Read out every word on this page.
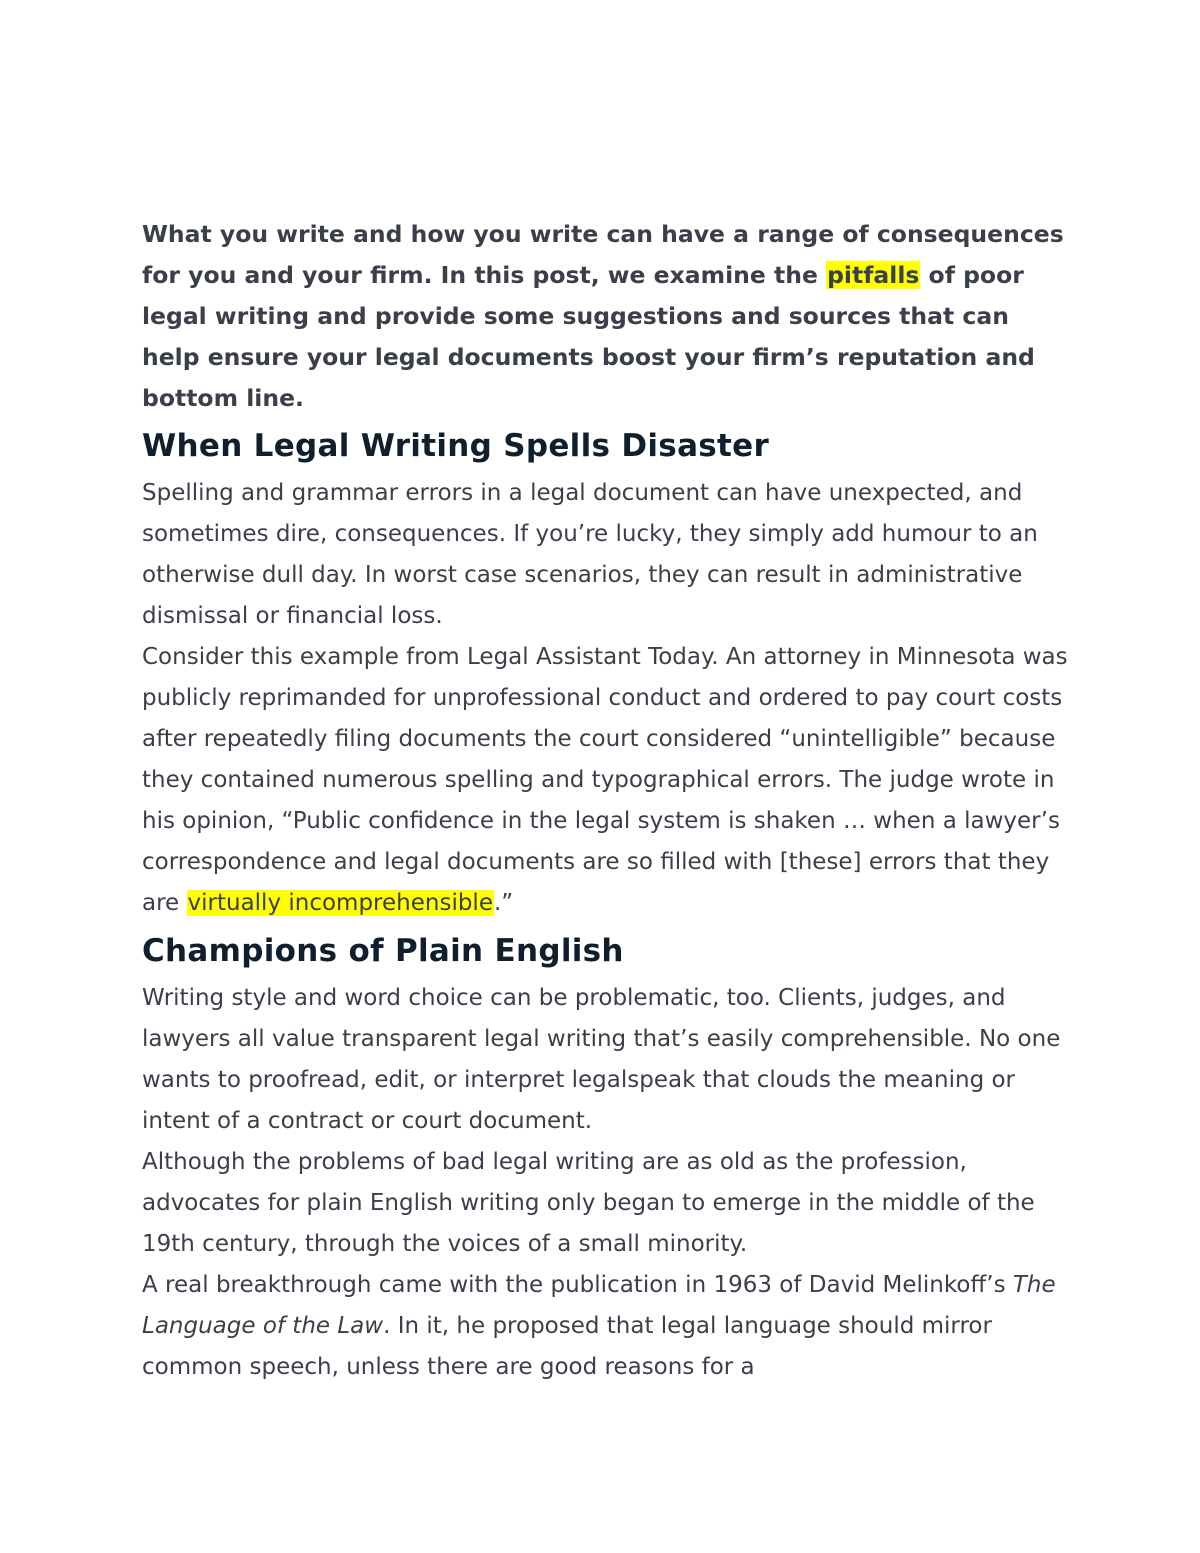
What you write and how you write can have a range of consequences for you and your firm. In this post, we examine the pitfalls of poor legal writing and provide some suggestions and sources that can help ensure your legal documents boost your firm’s reputation and bottom line.

When Legal Writing Spells Disaster

Spelling and grammar errors in a legal document can have unexpected, and sometimes dire, consequences. If you’re lucky, they simply add humour to an otherwise dull day. In worst case scenarios, they can result in administrative dismissal or financial loss.

Consider this example from Legal Assistant Today. An attorney in Minnesota was publicly reprimanded for unprofessional conduct and ordered to pay court costs after repeatedly filing documents the court considered “unintelligible” because they contained numerous spelling and typographical errors. The judge wrote in his opinion, “Public confidence in the legal system is shaken … when a lawyer’s correspondence and legal documents are so filled with [these] errors that they are virtually incomprehensible.”

Champions of Plain English

Writing style and word choice can be problematic, too. Clients, judges, and lawyers all value transparent legal writing that’s easily comprehensible. No one wants to proofread, edit, or interpret legalspeak that clouds the meaning or intent of a contract or court document.

Although the problems of bad legal writing are as old as the profession, advocates for plain English writing only began to emerge in the middle of the 19th century, through the voices of a small minority.

A real breakthrough came with the publication in 1963 of David Melinkoff’s The Language of the Law. In it, he proposed that legal language should mirror common speech, unless there are good reasons for a
